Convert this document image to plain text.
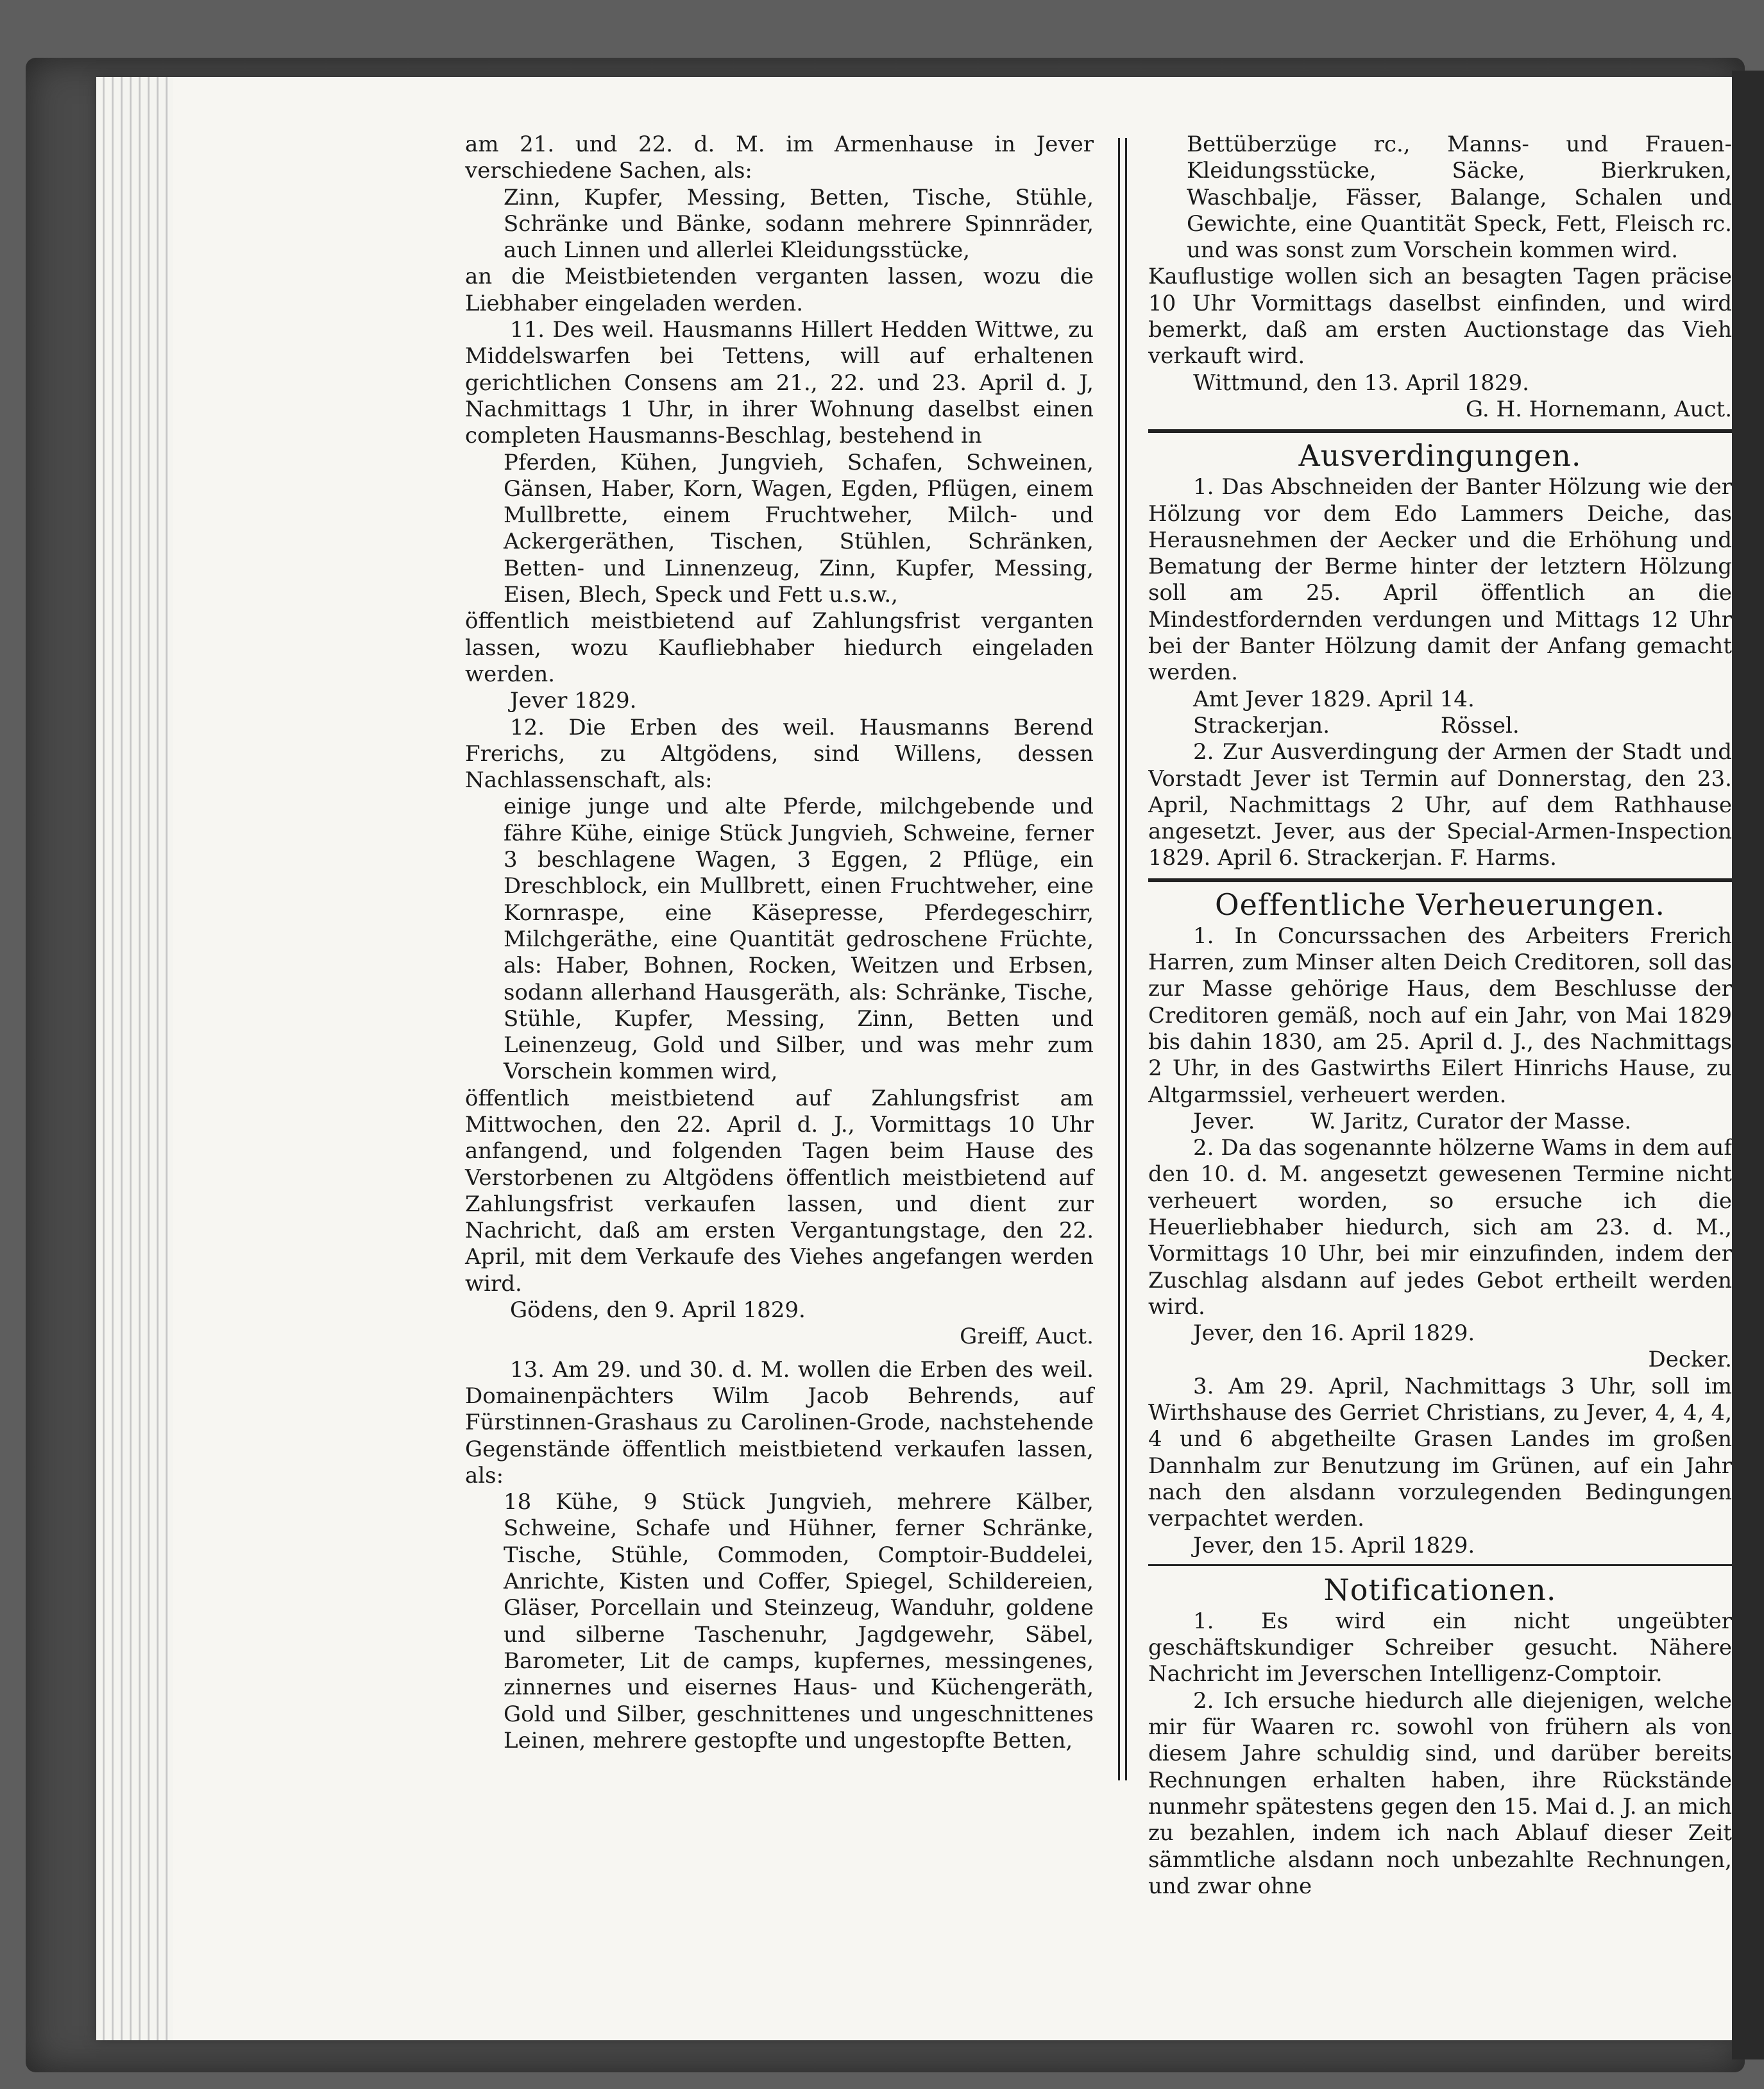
am 21. und 22. d. M. im Armenhause in Jever verschiedene Sachen, als:

Zinn, Kupfer, Messing, Betten, Tische, Stühle, Schränke und Bänke, sodann mehrere Spinnräder, auch Linnen und allerlei Kleidungsstücke,

an die Meistbietenden verganten lassen, wozu die Liebhaber eingeladen werden.

11. Des weil. Hausmanns Hillert Hedden Wittwe, zu Middelswarfen bei Tettens, will auf erhaltenen gerichtlichen Consens am 21., 22. und 23. April d. J, Nachmittags 1 Uhr, in ihrer Wohnung daselbst einen completen Hausmanns-Beschlag, bestehend in

Pferden, Kühen, Jungvieh, Schafen, Schweinen, Gänsen, Haber, Korn, Wagen, Egden, Pflügen, einem Mullbrette, einem Fruchtweher, Milch- und Ackergeräthen, Tischen, Stühlen, Schränken, Betten- und Linnenzeug, Zinn, Kupfer, Messing, Eisen, Blech, Speck und Fett u.s.w.,

öffentlich meistbietend auf Zahlungsfrist verganten lassen, wozu Kaufliebhaber hiedurch eingeladen werden.

Jever 1829.

12. Die Erben des weil. Hausmanns Berend Frerichs, zu Altgödens, sind Willens, dessen Nachlassenschaft, als:

einige junge und alte Pferde, milchgebende und fähre Kühe, einige Stück Jungvieh, Schweine, ferner 3 beschlagene Wagen, 3 Eggen, 2 Pflüge, ein Dreschblock, ein Mullbrett, einen Fruchtweher, eine Kornraspe, eine Käsepresse, Pferdegeschirr, Milchgeräthe, eine Quantität gedroschene Früchte, als: Haber, Bohnen, Rocken, Weitzen und Erbsen, sodann allerhand Hausgeräth, als: Schränke, Tische, Stühle, Kupfer, Messing, Zinn, Betten und Leinenzeug, Gold und Silber, und was mehr zum Vorschein kommen wird,

öffentlich meistbietend auf Zahlungsfrist am Mittwochen, den 22. April d. J., Vormittags 10 Uhr anfangend, und folgenden Tagen beim Hause des Verstorbenen zu Altgödens öffentlich meistbietend auf Zahlungsfrist verkaufen lassen, und dient zur Nachricht, daß am ersten Vergantungstage, den 22. April, mit dem Verkaufe des Viehes angefangen werden wird.

Gödens, den 9. April 1829.

Greiff, Auct.

13. Am 29. und 30. d. M. wollen die Erben des weil. Domainenpächters Wilm Jacob Behrends, auf Fürstinnen-Grashaus zu Carolinen-Grode, nachstehende Gegenstände öffentlich meistbietend verkaufen lassen, als:

18 Kühe, 9 Stück Jungvieh, mehrere Kälber, Schweine, Schafe und Hühner, ferner Schränke, Tische, Stühle, Commoden, Comptoir-Buddelei, Anrichte, Kisten und Coffer, Spiegel, Schildereien, Gläser, Porcellain und Steinzeug, Wanduhr, goldene und silberne Taschenuhr, Jagdgewehr, Säbel, Barometer, Lit de camps, kupfernes, messingenes, zinnernes und eisernes Haus- und Küchengeräth, Gold und Silber, geschnittenes und ungeschnittenes Leinen, mehrere gestopfte und ungestopfte Betten,

Bettüberzüge rc., Manns- und Frauen-Kleidungsstücke, Säcke, Bierkruken, Waschbalje, Fässer, Balange, Schalen und Gewichte, eine Quantität Speck, Fett, Fleisch rc. und was sonst zum Vorschein kommen wird.

Kauflustige wollen sich an besagten Tagen präcise 10 Uhr Vormittags daselbst einfinden, und wird bemerkt, daß am ersten Auctionstage das Vieh verkauft wird.

Wittmund, den 13. April 1829.

G. H. Hornemann, Auct.

Ausverdingungen.

1. Das Abschneiden der Banter Hölzung wie der Hölzung vor dem Edo Lammers Deiche, das Herausnehmen der Aecker und die Erhöhung und Bematung der Berme hinter der letztern Hölzung soll am 25. April öffentlich an die Mindestfordernden verdungen und Mittags 12 Uhr bei der Banter Hölzung damit der Anfang gemacht werden.

Amt Jever 1829. April 14.

Strackerjan.                Rössel.

2. Zur Ausverdingung der Armen der Stadt und Vorstadt Jever ist Termin auf Donnerstag, den 23. April, Nachmittags 2 Uhr, auf dem Rathhause angesetzt. Jever, aus der Special-Armen-Inspection 1829. April 6. Strackerjan. F. Harms.

Oeffentliche Verheuerungen.

1. In Concurssachen des Arbeiters Frerich Harren, zum Minser alten Deich Creditoren, soll das zur Masse gehörige Haus, dem Beschlusse der Creditoren gemäß, noch auf ein Jahr, von Mai 1829 bis dahin 1830, am 25. April d. J., des Nachmittags 2 Uhr, in des Gastwirths Eilert Hinrichs Hause, zu Altgarmssiel, verheuert werden.

Jever.        W. Jaritz, Curator der Masse.

2. Da das sogenannte hölzerne Wams in dem auf den 10. d. M. angesetzt gewesenen Termine nicht verheuert worden, so ersuche ich die Heuerliebhaber hiedurch, sich am 23. d. M., Vormittags 10 Uhr, bei mir einzufinden, indem der Zuschlag alsdann auf jedes Gebot ertheilt werden wird.

Jever, den 16. April 1829.

Decker.

3. Am 29. April, Nachmittags 3 Uhr, soll im Wirthshause des Gerriet Christians, zu Jever, 4, 4, 4, 4 und 6 abgetheilte Grasen Landes im großen Dannhalm zur Benutzung im Grünen, auf ein Jahr nach den alsdann vorzulegenden Bedingungen verpachtet werden.

Jever, den 15. April 1829.

Notificationen.

1. Es wird ein nicht ungeübter geschäftskundiger Schreiber gesucht. Nähere Nachricht im Jeverschen Intelligenz-Comptoir.

2. Ich ersuche hiedurch alle diejenigen, welche mir für Waaren rc. sowohl von frühern als von diesem Jahre schuldig sind, und darüber bereits Rechnungen erhalten haben, ihre Rückstände nunmehr spätestens gegen den 15. Mai d. J. an mich zu bezahlen, indem ich nach Ablauf dieser Zeit sämmtliche alsdann noch unbezahlte Rechnungen, und zwar ohne
